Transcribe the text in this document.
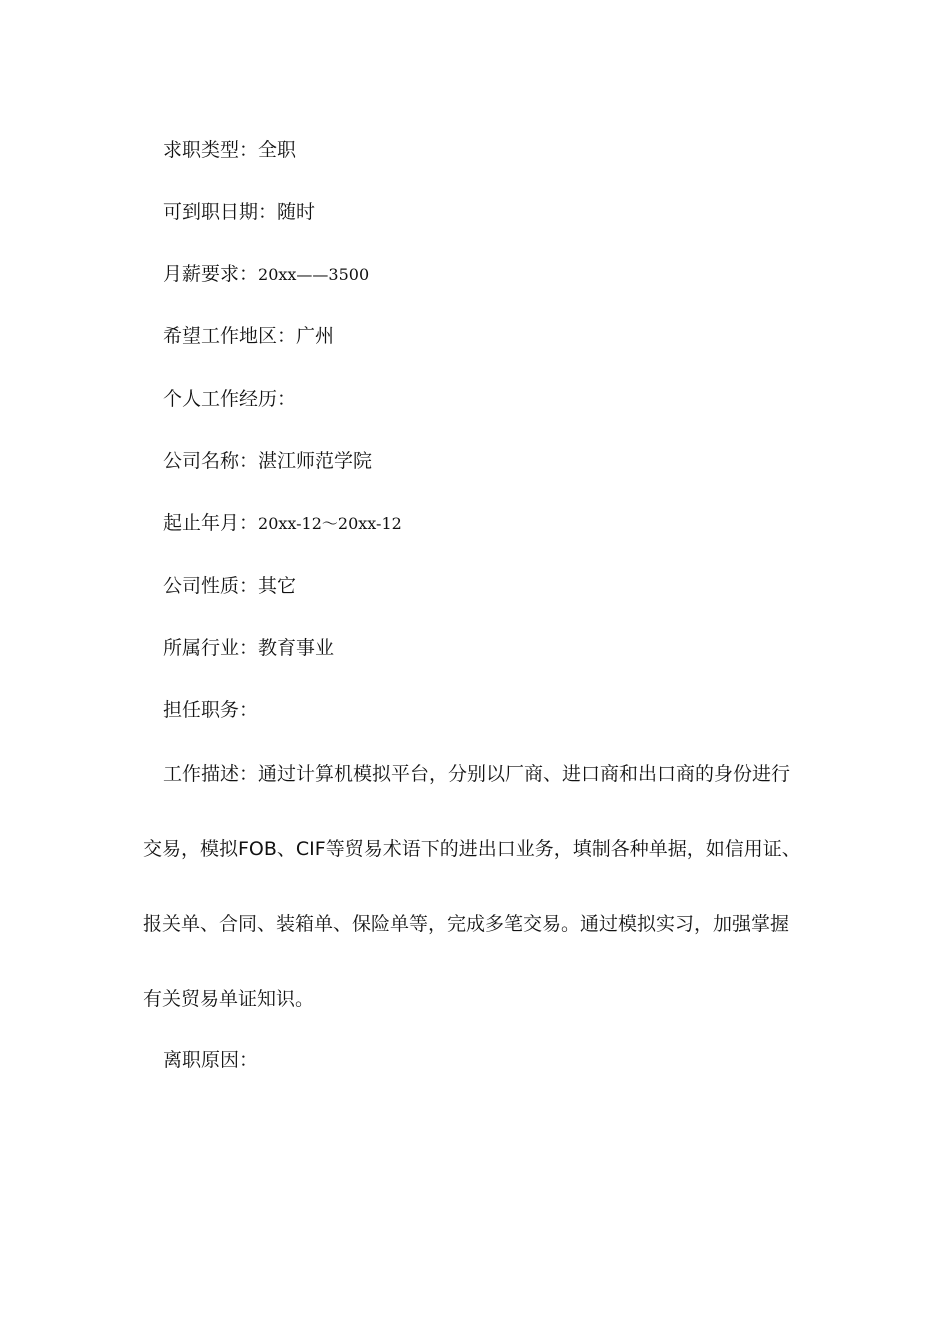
求职类型：全职
可到职日期：随时
月薪要求：20xx——3500
希望工作地区：广州
个人工作经历：
公司名称：湛江师范学院
起止年月：20xx-12～20xx-12
公司性质：其它
所属行业：教育事业
担任职务：

工作描述：通过计算机模拟平台，分别以厂商、进口商和出口商的身份进行交易，模拟FOB、CIF等贸易术语下的进出口业务，填制各种单据，如信用证、报关单、合同、装箱单、保险单等，完成多笔交易。通过模拟实习，加强掌握有关贸易单证知识。

离职原因：
